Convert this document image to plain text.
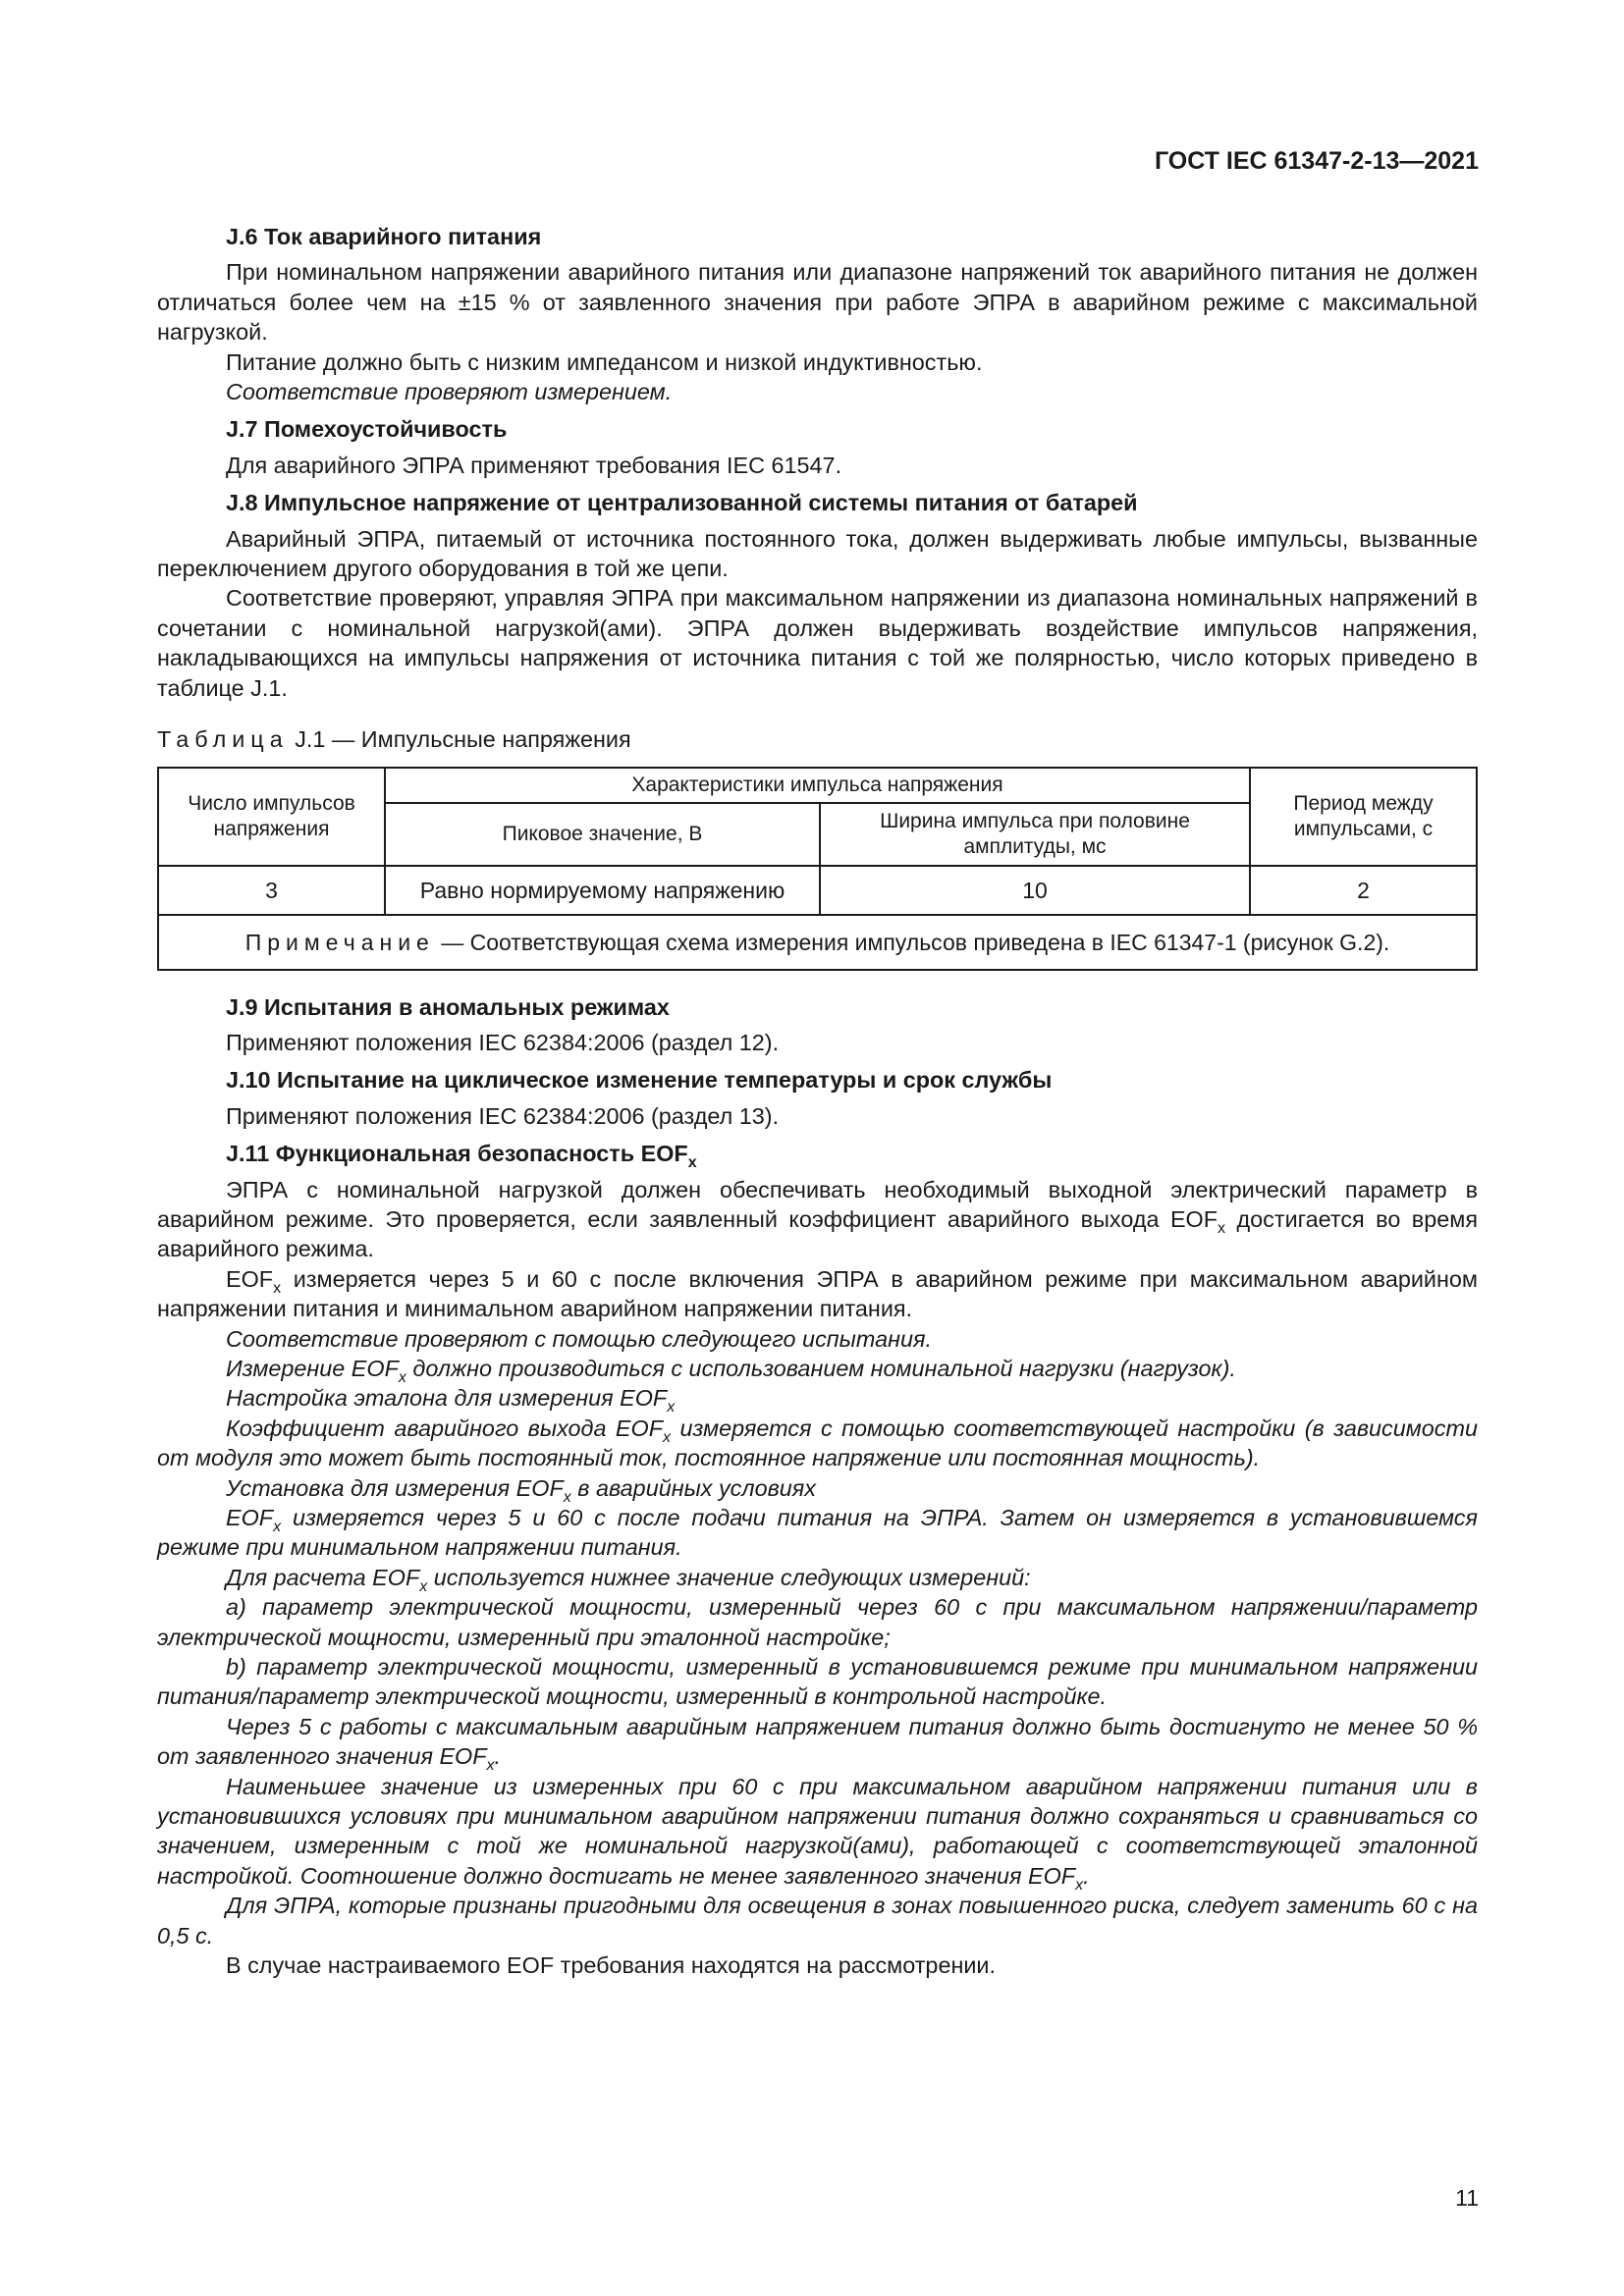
ГОСТ IEC 61347-2-13—2021

J.6 Ток аварийного питания

При номинальном напряжении аварийного питания или диапазоне напряжений ток аварийного питания не должен отличаться более чем на ±15 % от заявленного значения при работе ЭПРА в аварийном режиме с максимальной нагрузкой.

Питание должно быть с низким импедансом и низкой индуктивностью.

Соответствие проверяют измерением.

J.7 Помехоустойчивость

Для аварийного ЭПРА применяют требования IEC 61547.

J.8 Импульсное напряжение от централизованной системы питания от батарей

Аварийный ЭПРА, питаемый от источника постоянного тока, должен выдерживать любые импульсы, вызванные переключением другого оборудования в той же цепи.

Соответствие проверяют, управляя ЭПРА при максимальном напряжении из диапазона номинальных напряжений в сочетании с номинальной нагрузкой(ами). ЭПРА должен выдерживать воздействие импульсов напряжения, накладывающихся на импульсы напряжения от источника питания с той же полярностью, число которых приведено в таблице J.1.

Таблица J.1 — Импульсные напряжения

Число импульсов напряжения	Характеристики импульса напряжения		Период между импульсами, с
	Пиковое значение, В	Ширина импульса при половине амплитуды, мс	
3	Равно нормируемому напряжению	10	2
Примечание — Соответствующая схема измерения импульсов приведена в IEC 61347-1 (рисунок G.2).			

J.9 Испытания в аномальных режимах

Применяют положения IEC 62384:2006 (раздел 12).

J.10 Испытание на циклическое изменение температуры и срок службы

Применяют положения IEC 62384:2006 (раздел 13).

J.11 Функциональная безопасность $EOF_x$

ЭПРА с номинальной нагрузкой должен обеспечивать необходимый выходной электрический параметр в аварийном режиме. Это проверяется, если заявленный коэффициент аварийного выхода $EOF_x$ достигается во время аварийного режима.

$EOF_x$ измеряется через 5 и 60 с после включения ЭПРА в аварийном режиме при максимальном аварийном напряжении питания и минимальном аварийном напряжении питания.

Соответствие проверяют с помощью следующего испытания.

Измерение $EOF_x$ должно производиться с использованием номинальной нагрузки (нагрузок).

Настройка эталона для измерения $EOF_x$

Коэффициент аварийного выхода $EOF_x$ измеряется с помощью соответствующей настройки (в зависимости от модуля это может быть постоянный ток, постоянное напряжение или постоянная мощность).

Установка для измерения $EOF_x$ в аварийных условиях

$EOF_x$ измеряется через 5 и 60 с после подачи питания на ЭПРА. Затем он измеряется в установившемся режиме при минимальном напряжении питания.

Для расчета $EOF_x$ используется нижнее значение следующих измерений:

a) параметр электрической мощности, измеренный через 60 с при максимальном напряжении/параметр электрической мощности, измеренный при эталонной настройке;

b) параметр электрической мощности, измеренный в установившемся режиме при минимальном напряжении питания/параметр электрической мощности, измеренный в контрольной настройке.

Через 5 с работы с максимальным аварийным напряжением питания должно быть достигнуто не менее 50 % от заявленного значения $EOF_x$.

Наименьшее значение из измеренных при 60 с при максимальном аварийном напряжении питания или в установившихся условиях при минимальном аварийном напряжении питания должно сохраняться и сравниваться со значением, измеренным с той же номинальной нагрузкой(ами), работающей с соответствующей эталонной настройкой. Соотношение должно достигать не менее заявленного значения $EOF_x$.

Для ЭПРА, которые признаны пригодными для освещения в зонах повышенного риска, следует заменить 60 с на 0,5 с.

В случае настраиваемого EOF требования находятся на рассмотрении.

11
